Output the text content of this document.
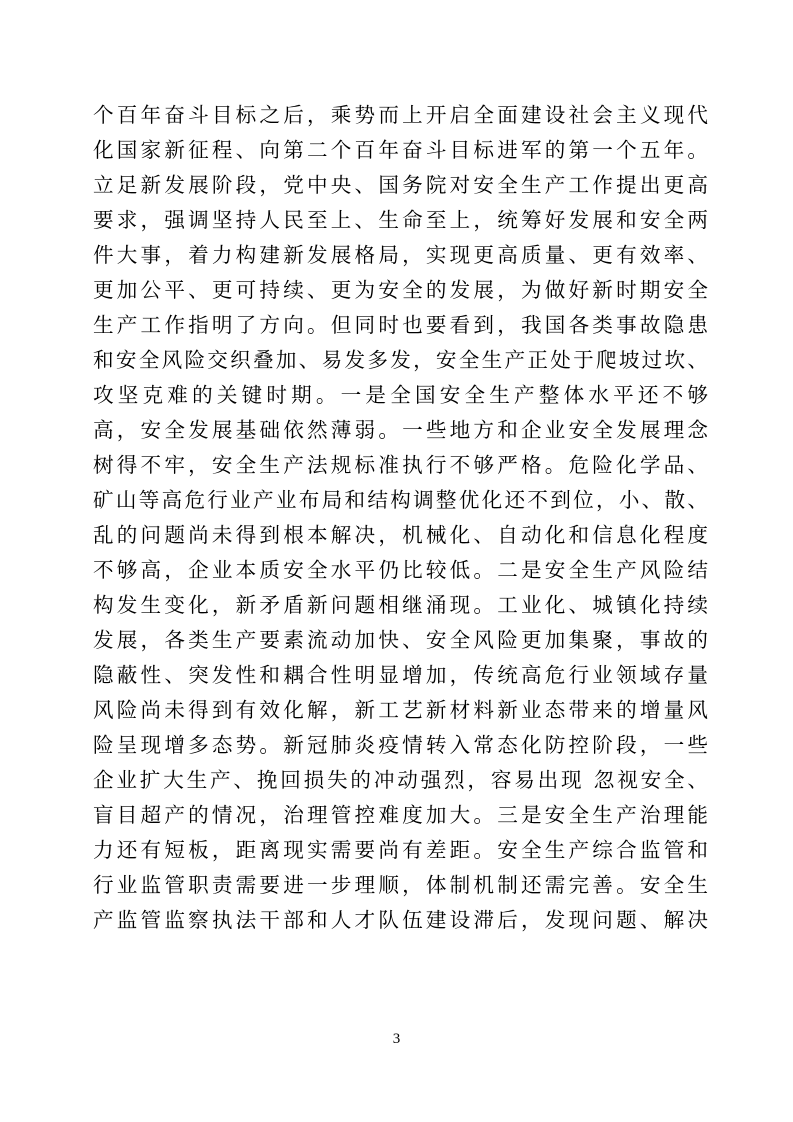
个百年奋斗目标之后，乘势而上开启全面建设社会主义现代
化国家新征程、向第二个百年奋斗目标进军的第一个五年。
立足新发展阶段，党中央、国务院对安全生产工作提出更高
要求，强调坚持人民至上、生命至上，统筹好发展和安全两
件大事，着力构建新发展格局，实现更高质量、更有效率、
更加公平、更可持续、更为安全的发展，为做好新时期安全
生产工作指明了方向。但同时也要看到，我国各类事故隐患
和安全风险交织叠加、易发多发，安全生产正处于爬坡过坎、
攻坚克难的关键时期。一是全国安全生产整体水平还不够
高，安全发展基础依然薄弱。一些地方和企业安全发展理念
树得不牢，安全生产法规标准执行不够严格。危险化学品、
矿山等高危行业产业布局和结构调整优化还不到位，小、散、
乱的问题尚未得到根本解决，机械化、自动化和信息化程度
不够高，企业本质安全水平仍比较低。二是安全生产风险结
构发生变化，新矛盾新问题相继涌现。工业化、城镇化持续
发展，各类生产要素流动加快、安全风险更加集聚，事故的
隐蔽性、突发性和耦合性明显增加，传统高危行业领域存量
风险尚未得到有效化解，新工艺新材料新业态带来的增量风
险呈现增多态势。新冠肺炎疫情转入常态化防控阶段，一些
企业扩大生产、挽回损失的冲动强烈，容易出现 忽视安全、
盲目超产的情况，治理管控难度加大。三是安全生产治理能
力还有短板，距离现实需要尚有差距。安全生产综合监管和
行业监管职责需要进一步理顺，体制机制还需完善。安全生
产监管监察执法干部和人才队伍建设滞后，发现问题、解决
3
